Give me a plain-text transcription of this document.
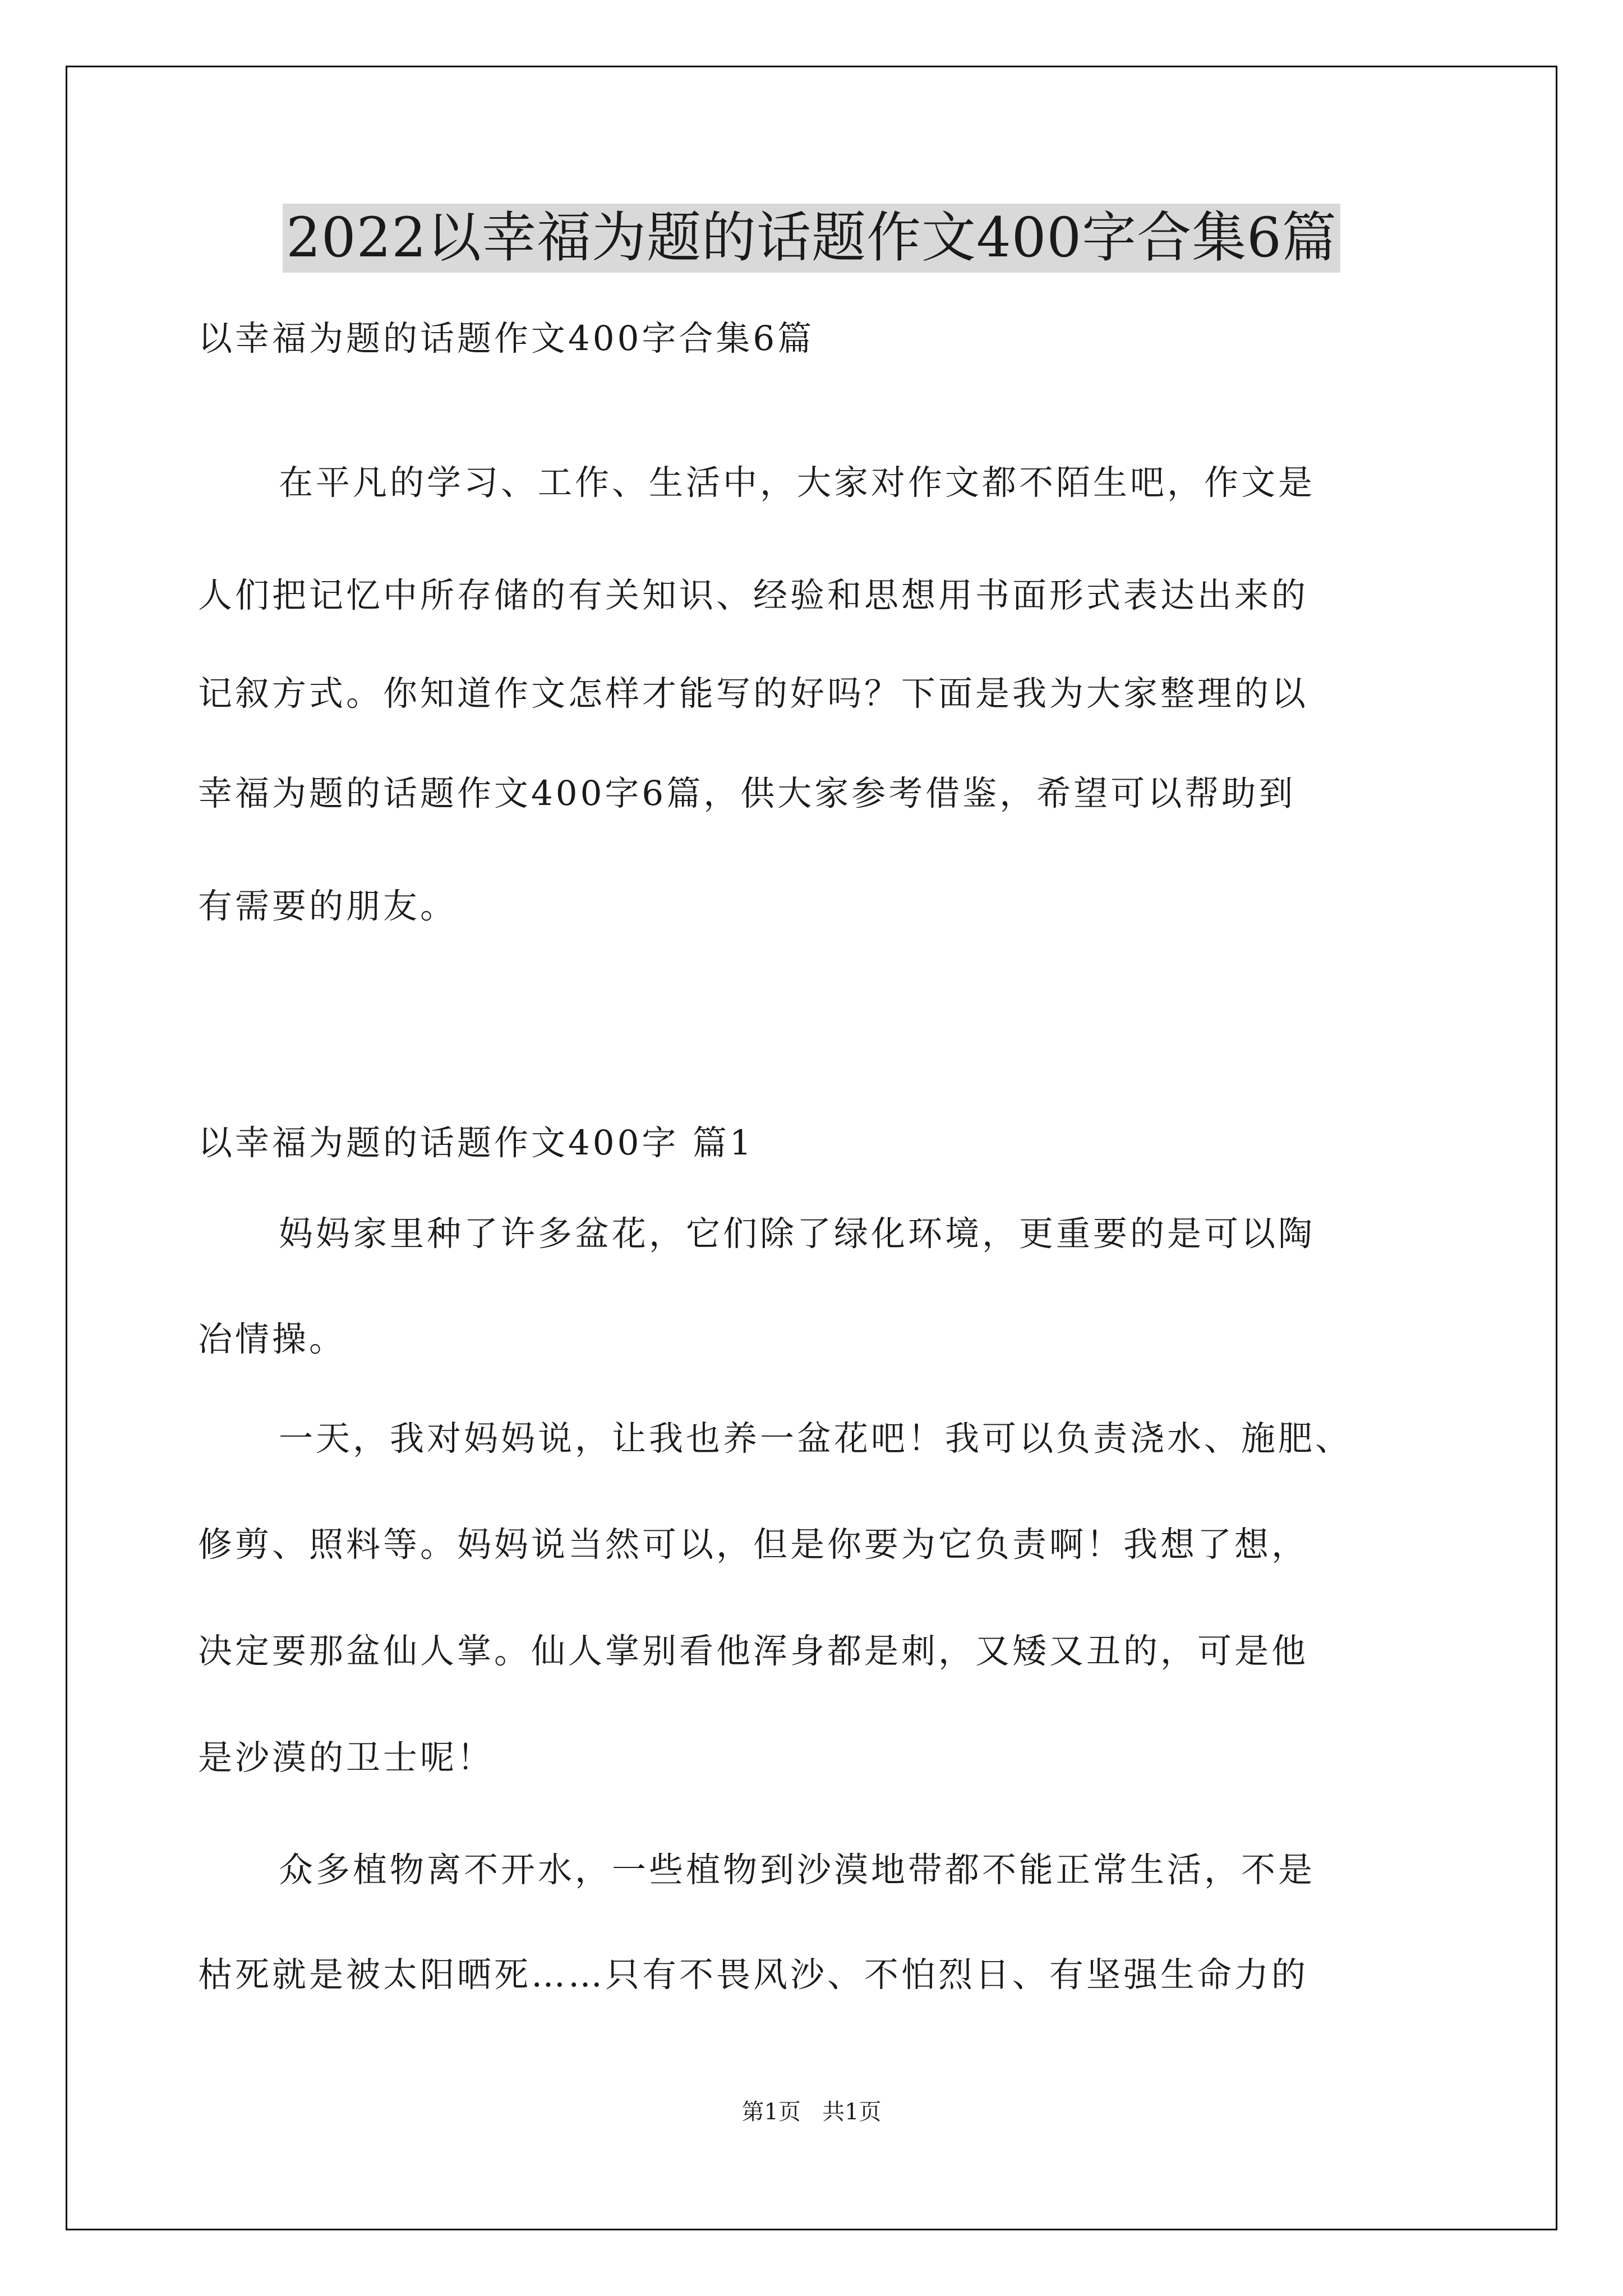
2022以幸福为题的话题作文400字合集6篇

以幸福为题的话题作文400字合集6篇

在平凡的学习、工作、生活中，大家对作文都不陌生吧，作文是

人们把记忆中所存储的有关知识、经验和思想用书面形式表达出来的

记叙方式。你知道作文怎样才能写的好吗？下面是我为大家整理的以

幸福为题的话题作文400字6篇，供大家参考借鉴，希望可以帮助到

有需要的朋友。

以幸福为题的话题作文400字 篇1

妈妈家里种了许多盆花，它们除了绿化环境，更重要的是可以陶

冶情操。

一天，我对妈妈说，让我也养一盆花吧！我可以负责浇水、施肥、

修剪、照料等。妈妈说当然可以，但是你要为它负责啊！我想了想，

决定要那盆仙人掌。仙人掌别看他浑身都是刺，又矮又丑的，可是他

是沙漠的卫士呢！

众多植物离不开水，一些植物到沙漠地带都不能正常生活，不是

枯死就是被太阳晒死……只有不畏风沙、不怕烈日、有坚强生命力的

第1页 共1页
